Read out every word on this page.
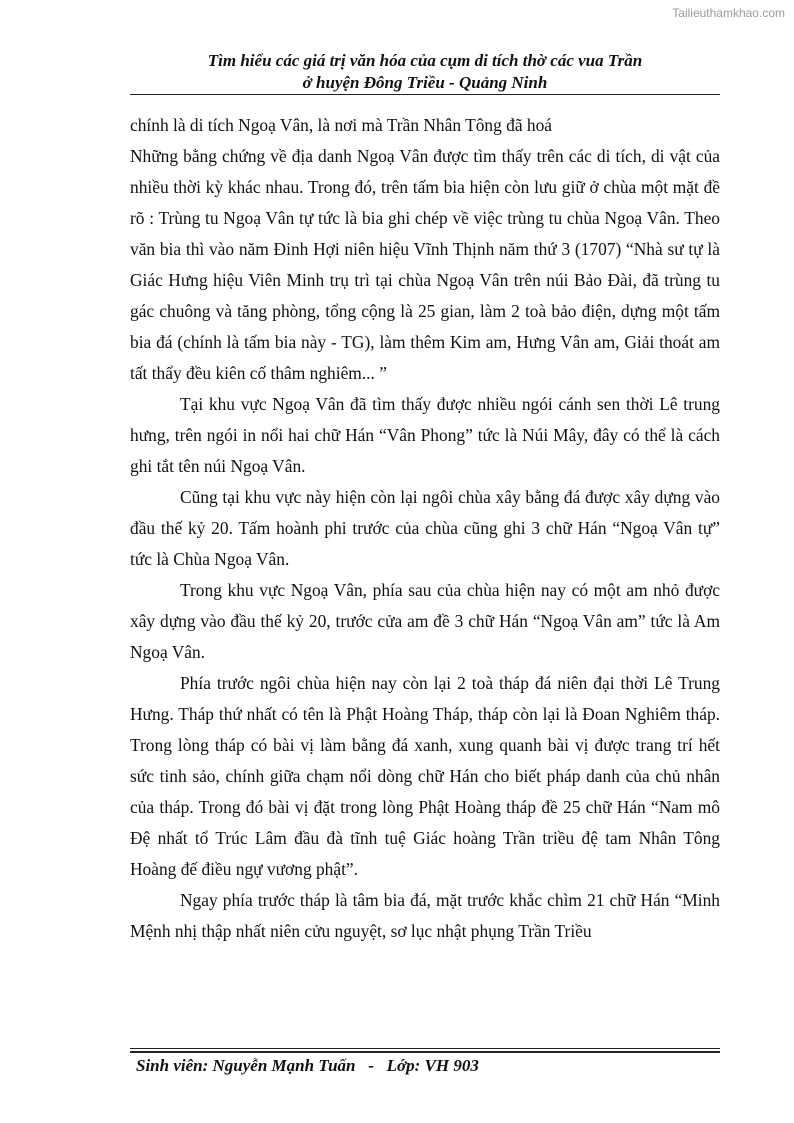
Tailieuthamkhao.com
Tìm hiểu các giá trị văn hóa của cụm di tích thờ các vua Trần
ở huyện Đông Triều - Quảng Ninh

chính là di tích Ngoạ Vân, là nơi mà Trần Nhân Tông đã hoá

Những bằng chứng về địa danh Ngoạ Vân được tìm thấy trên các di tích, di vật của nhiều thời kỳ khác nhau. Trong đó, trên tấm bia hiện còn lưu giữ ở chùa một mặt đề rõ : Trùng tu Ngoạ Vân tự tức là bia ghi chép về việc trùng tu chùa Ngoạ Vân. Theo văn bia thì vào năm Đinh Hợi niên hiệu Vĩnh Thịnh năm thứ 3 (1707) “Nhà sư tự là Giác Hưng hiệu Viên Minh trụ trì tại chùa Ngoạ Vân trên núi Bảo Đài, đã trùng tu gác chuông và tăng phòng, tổng cộng là 25 gian, làm 2 toà bảo điện, dựng một tấm bia đá (chính là tấm bia này - TG), làm thêm Kim am, Hưng Vân am, Giải thoát am tất thẩy đều kiên cố thâm nghiêm... ”

Tại khu vực Ngoạ Vân đã tìm thấy được nhiều ngói cánh sen thời Lê trung hưng, trên ngói in nổi hai chữ Hán “Vân Phong” tức là Núi Mây, đây có thể là cách ghi tắt tên núi Ngoạ Vân.

Cũng tại khu vực này hiện còn lại ngôi chùa xây bằng đá được xây dựng vào đầu thế kỷ 20. Tấm hoành phi trước của chùa cũng ghi 3 chữ Hán “Ngoạ Vân tự” tức là Chùa Ngoạ Vân.

Trong khu vực Ngoạ Vân, phía sau của chùa hiện nay có một am nhỏ được xây dựng vào đầu thế kỷ 20, trước cửa am đề 3 chữ Hán “Ngoạ Vân am” tức là Am Ngoạ Vân.

Phía trước ngôi chùa hiện nay còn lại 2 toà tháp đá niên đại thời Lê Trung Hưng. Tháp thứ nhất có tên là Phật Hoàng Tháp, tháp còn lại là Đoan Nghiêm tháp. Trong lòng tháp có bài vị làm bằng đá xanh, xung quanh bài vị được trang trí hết sức tinh sảo, chính giữa chạm nổi dòng chữ Hán cho biết pháp danh của chủ nhân của tháp. Trong đó bài vị đặt trong lòng Phật Hoàng tháp đề 25 chữ Hán “Nam mô Đệ nhất tổ Trúc Lâm đầu đà tĩnh tuệ Giác hoàng Trần triều đệ tam Nhân Tông Hoàng đế điều ngự vương phật”.

Ngay phía trước tháp là tâm bia đá, mặt trước khắc chìm 21 chữ Hán “Minh Mệnh nhị thập nhất niên cửu nguyệt, sơ lục nhật phụng Trần Triều

Sinh viên: Nguyễn Mạnh Tuấn - Lớp: VH 903
